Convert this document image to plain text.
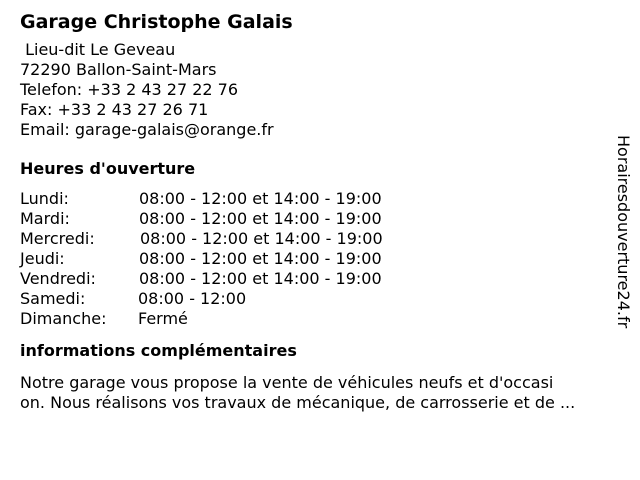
Garage Christophe Galais
Lieu-dit Le Geveau
72290 Ballon-Saint-Mars
Telefon: +33 2 43 27 22 76
Fax: +33 2 43 27 26 71
Email: garage-galais@orange.fr
Heures d'ouverture
Lundi:	08:00 - 12:00 et 14:00 - 19:00
Mardi:	08:00 - 12:00 et 14:00 - 19:00
Mercredi:	08:00 - 12:00 et 14:00 - 19:00
Jeudi:	08:00 - 12:00 et 14:00 - 19:00
Vendredi:	08:00 - 12:00 et 14:00 - 19:00
Samedi:	08:00 - 12:00
Dimanche: Fermé
informations complémentaires
Notre garage vous propose la vente de véhicules neufs et d'occasi
on. Nous réalisons vos travaux de mécanique, de carrosserie et de ...
Horairesdouverture24.fr
